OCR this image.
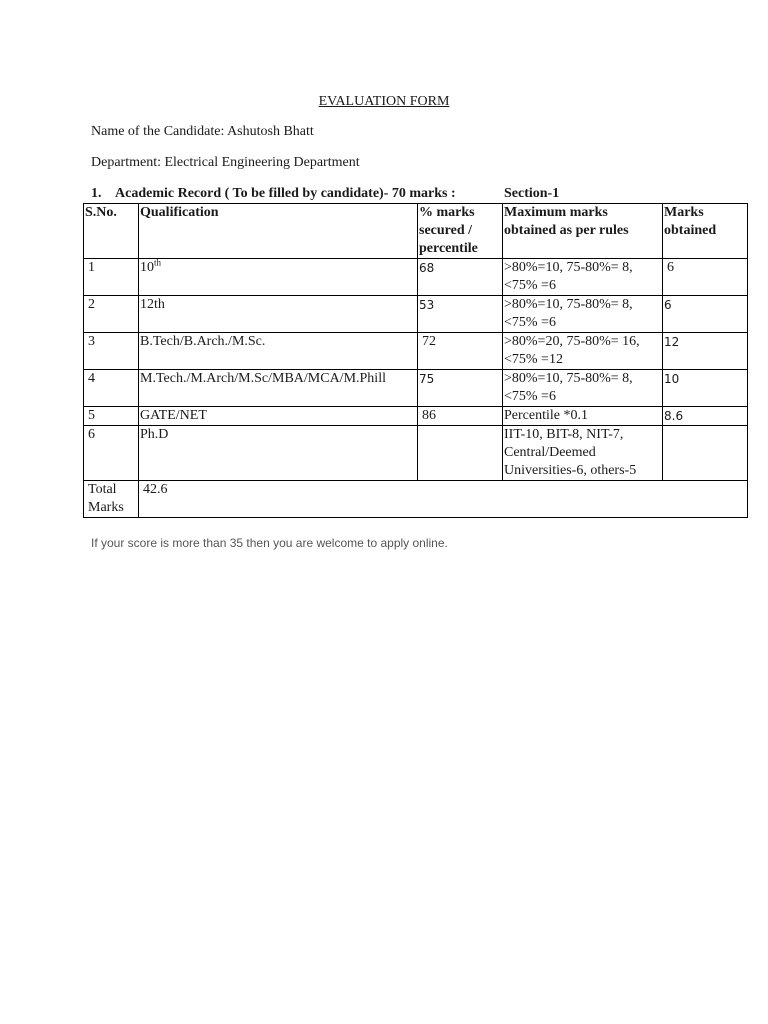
EVALUATION FORM
Name of the Candidate: Ashutosh Bhatt
Department: Electrical Engineering Department
1. Academic Record ( To be filled by candidate)- 70 marks :	Section-1
S.No.	Qualification	% marks secured / percentile	Maximum marks obtained as per rules	Marks obtained
1	10th	68	>80%=10, 75-80%= 8, <75% =6	6
2	12th	53	>80%=10, 75-80%= 8, <75% =6	6
3	B.Tech/B.Arch./M.Sc.	72	>80%=20, 75-80%= 16, <75% =12	12
4	M.Tech./M.Arch/M.Sc/MBA/MCA/M.Phill	75	>80%=10, 75-80%= 8, <75% =6	10
5	GATE/NET	86	Percentile *0.1	8.6
6	Ph.D		IIT-10, BIT-8, NIT-7, Central/Deemed Universities-6, others-5	
Total Marks	42.6			
If your score is more than 35 then you are welcome to apply online.
